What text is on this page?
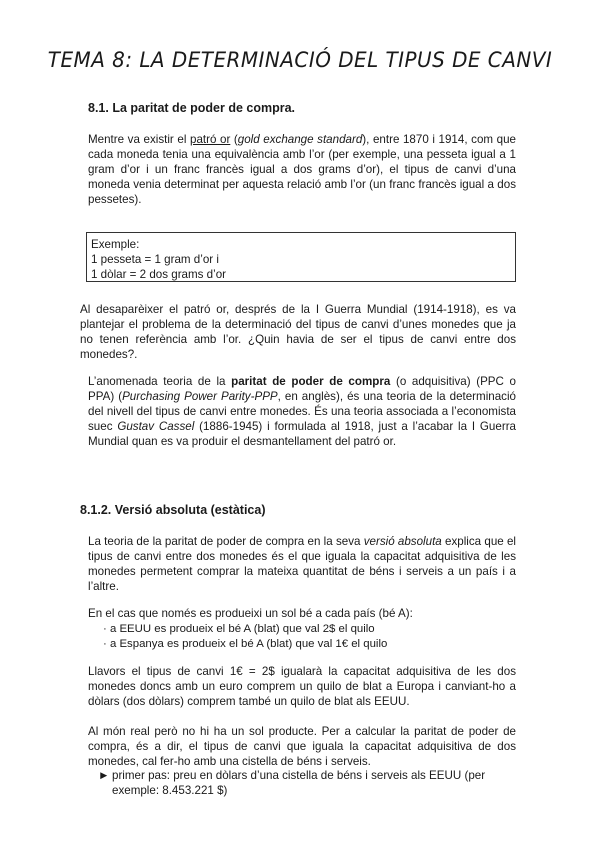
TEMA 8: LA DETERMINACIÓ DEL TIPUS DE CANVI
8.1. La paritat de poder de compra.
Mentre va existir el patró or (gold exchange standard), entre 1870 i 1914, com que cada moneda tenia una equivalència amb l’or (per exemple, una pesseta igual a 1 gram d’or i un franc francès igual a dos grams d’or), el tipus de canvi d’una moneda venia determinat per aquesta relació amb l’or (un franc francès igual a dos pessetes).
Exemple:
1 pesseta = 1 gram d’or i
1 dòlar = 2 dos grams d’or
Al desaparèixer el patró or, després de la I Guerra Mundial (1914-1918), es va plantejar el problema de la determinació del tipus de canvi d’unes monedes que ja no tenen referència amb l’or. ¿Quin havia de ser el tipus de canvi entre dos monedes?.
L’anomenada teoria de la paritat de poder de compra (o adquisitiva) (PPC o PPA) (Purchasing Power Parity-PPP, en anglès), és una teoria de la determinació del nivell del tipus de canvi entre monedes. És una teoria associada a l’economista suec Gustav Cassel (1886-1945) i formulada al 1918, just a l’acabar la I Guerra Mundial quan es va produir el desmantellament del patró or.
8.1.2. Versió absoluta (estàtica)
La teoria de la paritat de poder de compra en la seva versió absoluta explica que el tipus de canvi entre dos monedes és el que iguala la capacitat adquisitiva de les monedes permetent comprar la mateixa quantitat de béns i serveis a un país i a l’altre.
En el cas que només es produeixi un sol bé a cada país (bé A):
· a EEUU es produeix el bé A (blat) que val 2$ el quilo
· a Espanya es produeix el bé A (blat) que val 1€ el quilo
Llavors el tipus de canvi 1€ = 2$ igualarà la capacitat adquisitiva de les dos monedes doncs amb un euro comprem un quilo de blat a Europa i canviant-ho a dòlars (dos dòlars) comprem també un quilo de blat als EEUU.
Al món real però no hi ha un sol producte. Per a calcular la paritat de poder de compra, és a dir, el tipus de canvi que iguala la capacitat adquisitiva de dos monedes, cal fer-ho amb una cistella de béns i serveis.
► primer pas: preu en dòlars d’una cistella de béns i serveis als EEUU (per exemple: 8.453.221 $)
